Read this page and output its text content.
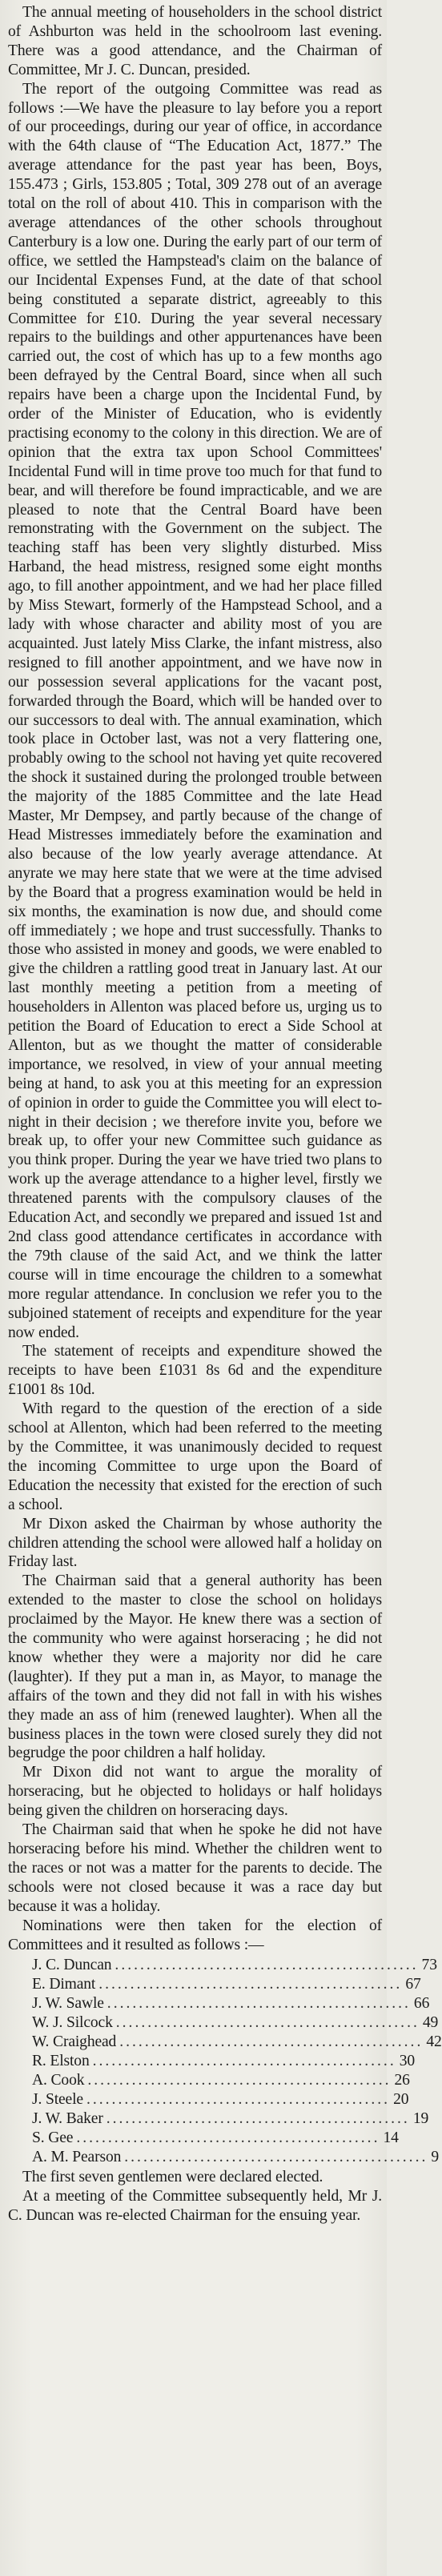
The annual meeting of householders in the school district of Ashburton was held in the schoolroom last evening. There was a good attendance, and the Chairman of Committee, Mr J. C. Duncan, presided.

The report of the outgoing Committee was read as follows :—We have the pleasure to lay before you a report of our proceedings, during our year of office, in accordance with the 64th clause of “The Education Act, 1877.” The average attendance for the past year has been, Boys, 155.473 ; Girls, 153.805 ; Total, 309 278 out of an average total on the roll of about 410. This in comparison with the average attendances of the other schools throughout Canterbury is a low one. During the early part of our term of office, we settled the Hampstead's claim on the balance of our Incidental Expenses Fund, at the date of that school being constituted a separate district, agreeably to this Committee for £10. During the year several necessary repairs to the buildings and other appurtenances have been carried out, the cost of which has up to a few months ago been defrayed by the Central Board, since when all such repairs have been a charge upon the Incidental Fund, by order of the Minister of Education, who is evidently practising economy to the colony in this direction. We are of opinion that the extra tax upon School Committees' Incidental Fund will in time prove too much for that fund to bear, and will therefore be found impracticable, and we are pleased to note that the Central Board have been remonstrating with the Government on the subject. The teaching staff has been very slightly disturbed. Miss Harband, the head mistress, resigned some eight months ago, to fill another appointment, and we had her place filled by Miss Stewart, formerly of the Hampstead School, and a lady with whose character and ability most of you are acquainted. Just lately Miss Clarke, the infant mistress, also resigned to fill another appointment, and we have now in our possession several applications for the vacant post, forwarded through the Board, which will be handed over to our successors to deal with. The annual examination, which took place in October last, was not a very flattering one, probably owing to the school not having yet quite recovered the shock it sustained during the prolonged trouble between the majority of the 1885 Committee and the late Head Master, Mr Dempsey, and partly because of the change of Head Mistresses immediately before the examination and also because of the low yearly average attendance. At anyrate we may here state that we were at the time advised by the Board that a progress examination would be held in six months, the examination is now due, and should come off immediately ; we hope and trust successfully. Thanks to those who assisted in money and goods, we were enabled to give the children a rattling good treat in January last. At our last monthly meeting a petition from a meeting of householders in Allenton was placed before us, urging us to petition the Board of Education to erect a Side School at Allenton, but as we thought the matter of considerable importance, we resolved, in view of your annual meeting being at hand, to ask you at this meeting for an expression of opinion in order to guide the Committee you will elect to-night in their decision ; we therefore invite you, before we break up, to offer your new Committee such guidance as you think proper. During the year we have tried two plans to work up the average attendance to a higher level, firstly we threatened parents with the compulsory clauses of the Education Act, and secondly we prepared and issued 1st and 2nd class good attendance certificates in accordance with the 79th clause of the said Act, and we think the latter course will in time encourage the children to a somewhat more regular attendance. In conclusion we refer you to the subjoined statement of receipts and expenditure for the year now ended.

The statement of receipts and expenditure showed the receipts to have been £1031 8s 6d and the expenditure £1001 8s 10d.

With regard to the question of the erection of a side school at Allenton, which had been referred to the meeting by the Committee, it was unanimously decided to request the incoming Committee to urge upon the Board of Education the necessity that existed for the erection of such a school.

Mr Dixon asked the Chairman by whose authority the children attending the school were allowed half a holiday on Friday last.

The Chairman said that a general authority has been extended to the master to close the school on holidays proclaimed by the Mayor. He knew there was a section of the community who were against horseracing ; he did not know whether they were a majority nor did he care (laughter). If they put a man in, as Mayor, to manage the affairs of the town and they did not fall in with his wishes they made an ass of him (renewed laughter). When all the business places in the town were closed surely they did not begrudge the poor children a half holiday.

Mr Dixon did not want to argue the morality of horseracing, but he objected to holidays or half holidays being given the children on horseracing days.

The Chairman said that when he spoke he did not have horseracing before his mind. Whether the children went to the races or not was a matter for the parents to decide. The schools were not closed because it was a race day but because it was a holiday.

Nominations were then taken for the election of Committees and it resulted as follows :—

J. C. Duncan ................................................ 73
E. Dimant ................................................ 67
J. W. Sawle ................................................ 66
W. J. Silcock ................................................ 49
W. Craighead ................................................ 42
R. Elston ................................................ 30
A. Cook ................................................ 26
J. Steele ................................................ 20
J. W. Baker ................................................ 19
S. Gee ................................................ 14
A. M. Pearson ................................................ 9

The first seven gentlemen were declared elected.

At a meeting of the Committee subsequently held, Mr J. C. Duncan was re-elected Chairman for the ensuing year.
